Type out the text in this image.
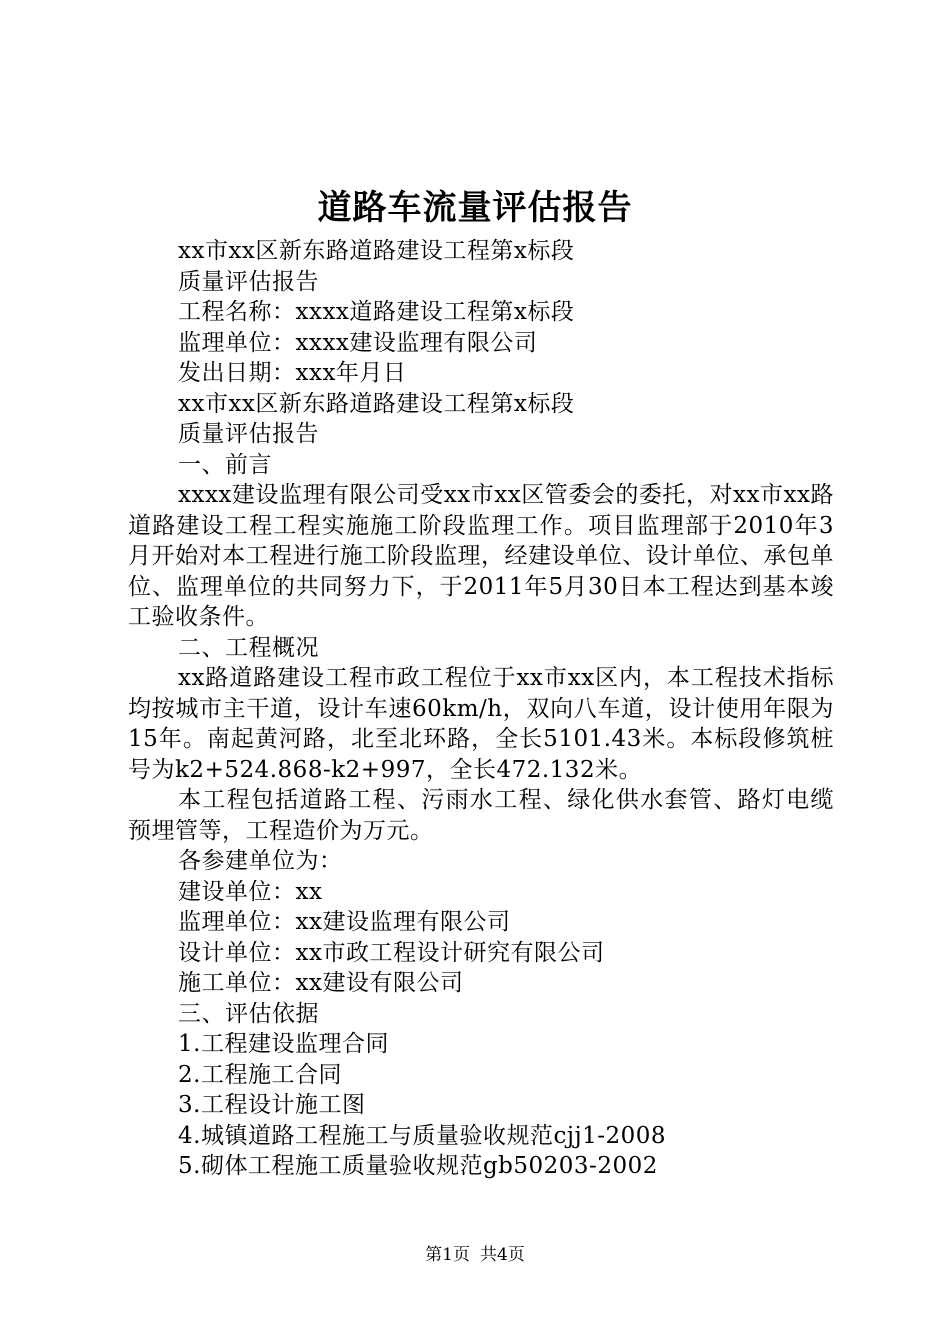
道路车流量评估报告

xx市xx区新东路道路建设工程第x标段

质量评估报告

工程名称：xxxx道路建设工程第x标段

监理单位：xxxx建设监理有限公司

发出日期：xxx年月日

xx市xx区新东路道路建设工程第x标段

质量评估报告

一、前言

xxxx建设监理有限公司受xx市xx区管委会的委托，对xx市xx路道路建设工程工程实施施工阶段监理工作。项目监理部于2010年3月开始对本工程进行施工阶段监理，经建设单位、设计单位、承包单位、监理单位的共同努力下，于2011年5月30日本工程达到基本竣工验收条件。

二、工程概况

xx路道路建设工程市政工程位于xx市xx区内，本工程技术指标均按城市主干道，设计车速60km/h，双向八车道，设计使用年限为15年。南起黄河路，北至北环路，全长5101.43米。本标段修筑桩号为k2+524.868-k2+997，全长472.132米。

本工程包括道路工程、污雨水工程、绿化供水套管、路灯电缆预埋管等，工程造价为万元。

各参建单位为：

建设单位：xx

监理单位：xx建设监理有限公司

设计单位：xx市政工程设计研究有限公司

施工单位：xx建设有限公司

三、评估依据

1.工程建设监理合同

2.工程施工合同

3.工程设计施工图

4.城镇道路工程施工与质量验收规范cjj1-2008

5.砌体工程施工质量验收规范gb50203-2002

第1页 共4页
